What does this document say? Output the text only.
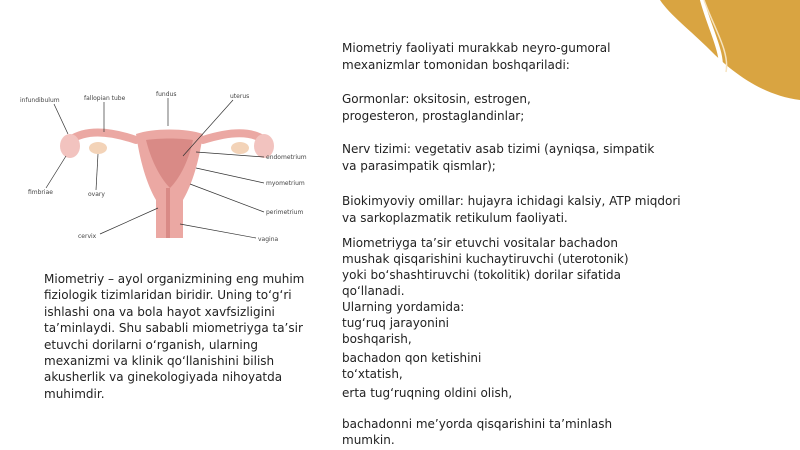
infundibulum	fallopian tube
fundus	uterus
endometrium
myometrium
perimetrium
fimbriae	ovary
cervix	vagina
Miometriy – ayol organizmining eng muhim
fiziologik tizimlaridan biridir. Uning to‘g‘ri
ishlashi ona va bola hayot xavfsizligini
ta’minlaydi. Shu sababli miometriyga ta’sir
etuvchi dorilarni o‘rganish, ularning
mexanizmi va klinik qo‘llanishini bilish
akusherlik va ginekologiyada nihoyatda
muhimdir.
Miometriy faoliyati murakkab neyro-gumoral
mexanizmlar tomonidan boshqariladi:
Gormonlar: oksitosin, estrogen,
progesteron, prostaglandinlar;
Nerv tizimi: vegetativ asab tizimi (ayniqsa, simpatik
va parasimpatik qismlar);
Biokimyoviy omillar: hujayra ichidagi kalsiy, ATP miqdori
va sarkoplazmatik retikulum faoliyati.
Miometriyga ta’sir etuvchi vositalar bachadon
mushak qisqarishini kuchaytiruvchi (uterotonik)
yoki bo‘shashtiruvchi (tokolitik) dorilar sifatida
qo‘llanadi.
Ularning yordamida:
tug‘ruq jarayonini
boshqarish,
bachadon qon ketishini
to‘xtatish,
erta tug‘ruqning oldini olish,
bachadonni me’yorda qisqarishini ta’minlash
mumkin.
